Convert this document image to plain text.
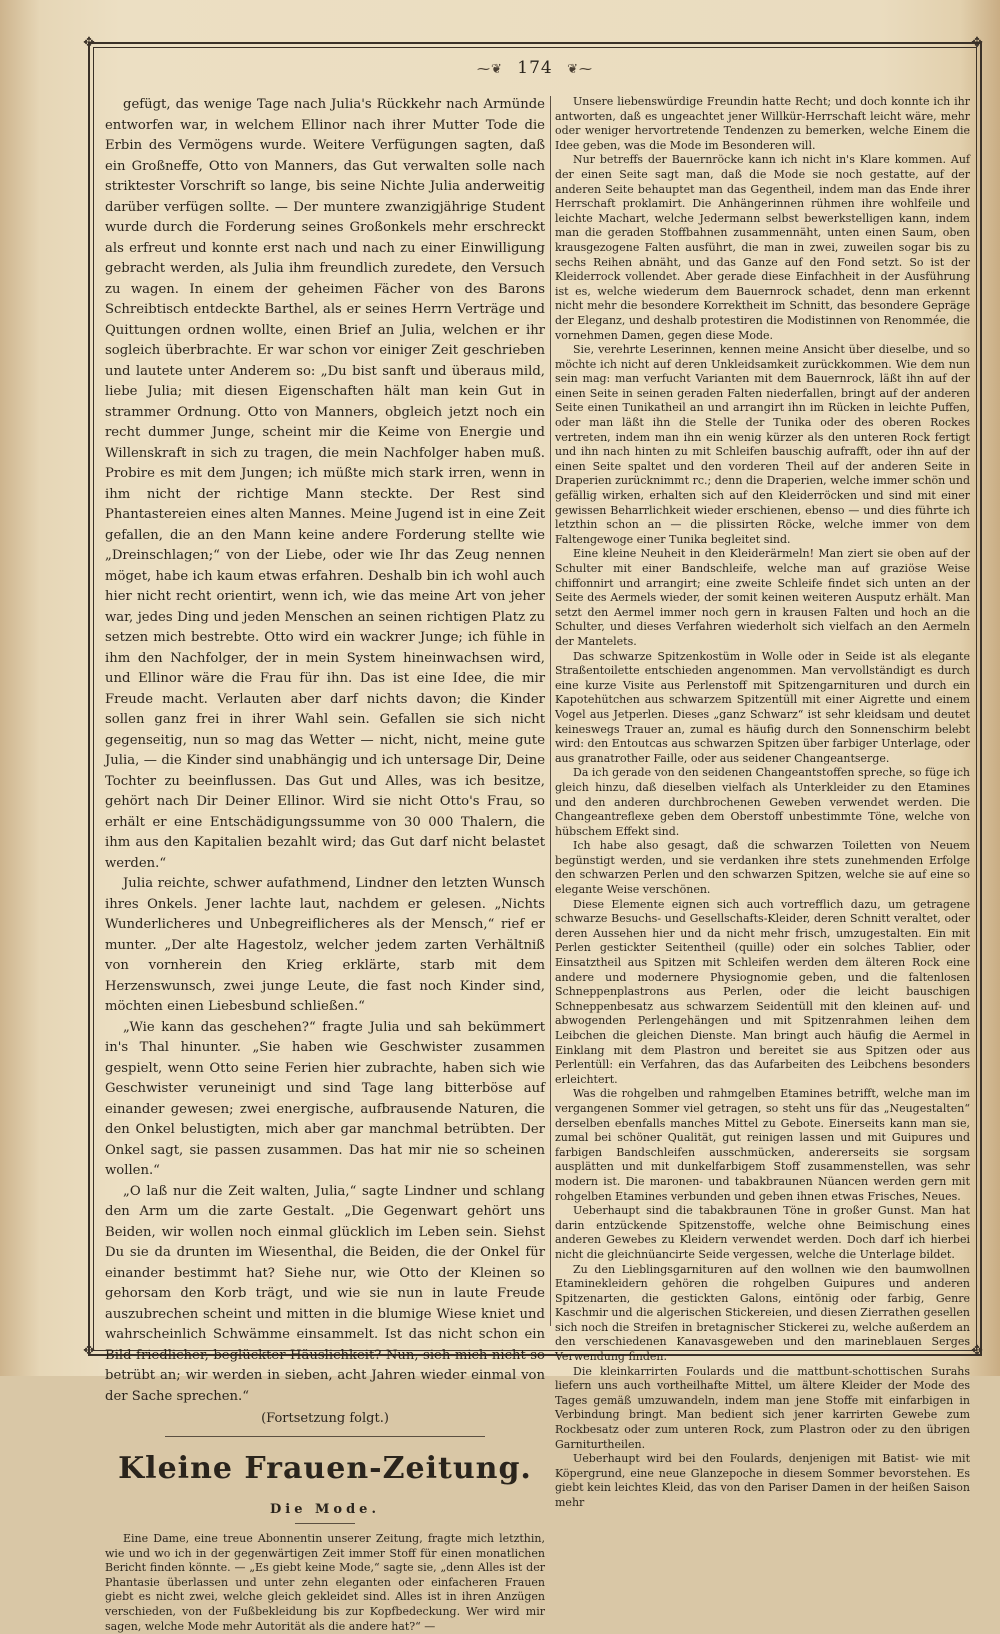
✥	✥
✥	✥
⁓❦ 174 ❦⁓

gefügt, das wenige Tage nach Julia's Rückkehr nach Armünde entworfen war, in welchem Ellinor nach ihrer Mutter Tode die Erbin des Vermögens wurde. Weitere Verfügungen sagten, daß ein Großneffe, Otto von Manners, das Gut verwalten solle nach striktester Vorschrift so lange, bis seine Nichte Julia anderweitig darüber verfügen sollte. — Der muntere zwanzigjährige Student wurde durch die Forderung seines Großonkels mehr erschreckt als erfreut und konnte erst nach und nach zu einer Einwilligung gebracht werden, als Julia ihm freundlich zuredete, den Versuch zu wagen. In einem der geheimen Fächer von des Barons Schreibtisch entdeckte Barthel, als er seines Herrn Verträge und Quittungen ordnen wollte, einen Brief an Julia, welchen er ihr sogleich überbrachte. Er war schon vor einiger Zeit geschrieben und lautete unter Anderem so: „Du bist sanft und überaus mild, liebe Julia; mit diesen Eigenschaften hält man kein Gut in strammer Ordnung. Otto von Manners, obgleich jetzt noch ein recht dummer Junge, scheint mir die Keime von Energie und Willenskraft in sich zu tragen, die mein Nachfolger haben muß. Probire es mit dem Jungen; ich müßte mich stark irren, wenn in ihm nicht der richtige Mann steckte. Der Rest sind Phantastereien eines alten Mannes. Meine Jugend ist in eine Zeit gefallen, die an den Mann keine andere Forderung stellte wie „Dreinschlagen;“ von der Liebe, oder wie Ihr das Zeug nennen möget, habe ich kaum etwas erfahren. Deshalb bin ich wohl auch hier nicht recht orientirt, wenn ich, wie das meine Art von jeher war, jedes Ding und jeden Menschen an seinen richtigen Platz zu setzen mich bestrebte. Otto wird ein wackrer Junge; ich fühle in ihm den Nachfolger, der in mein System hineinwachsen wird, und Ellinor wäre die Frau für ihn. Das ist eine Idee, die mir Freude macht. Verlauten aber darf nichts davon; die Kinder sollen ganz frei in ihrer Wahl sein. Gefallen sie sich nicht gegenseitig, nun so mag das Wetter — nicht, nicht, meine gute Julia, — die Kinder sind unabhängig und ich untersage Dir, Deine Tochter zu beeinflussen. Das Gut und Alles, was ich besitze, gehört nach Dir Deiner Ellinor. Wird sie nicht Otto's Frau, so erhält er eine Entschädigungssumme von 30 000 Thalern, die ihm aus den Kapitalien bezahlt wird; das Gut darf nicht belastet werden.“

Julia reichte, schwer aufathmend, Lindner den letzten Wunsch ihres Onkels. Jener lachte laut, nachdem er gelesen. „Nichts Wunderlicheres und Unbegreiflicheres als der Mensch,“ rief er munter. „Der alte Hagestolz, welcher jedem zarten Verhältniß von vornherein den Krieg erklärte, starb mit dem Herzenswunsch, zwei junge Leute, die fast noch Kinder sind, möchten einen Liebesbund schließen.“

„Wie kann das geschehen?“ fragte Julia und sah bekümmert in's Thal hinunter. „Sie haben wie Geschwister zusammen gespielt, wenn Otto seine Ferien hier zubrachte, haben sich wie Geschwister veruneinigt und sind Tage lang bitterböse auf einander gewesen; zwei energische, aufbrausende Naturen, die den Onkel belustigten, mich aber gar manchmal betrübten. Der Onkel sagt, sie passen zusammen. Das hat mir nie so scheinen wollen.“

„O laß nur die Zeit walten, Julia,“ sagte Lindner und schlang den Arm um die zarte Gestalt. „Die Gegenwart gehört uns Beiden, wir wollen noch einmal glücklich im Leben sein. Siehst Du sie da drunten im Wiesenthal, die Beiden, die der Onkel für einander bestimmt hat? Siehe nur, wie Otto der Kleinen so gehorsam den Korb trägt, und wie sie nun in laute Freude auszubrechen scheint und mitten in die blumige Wiese kniet und wahrscheinlich Schwämme einsammelt. Ist das nicht schon ein Bild friedlicher, beglückter Häuslichkeit? Nun, sieh mich nicht so betrübt an; wir werden in sieben, acht Jahren wieder einmal von der Sache sprechen.“

(Fortsetzung folgt.)
Kleine Frauen-Zeitung.
Die Mode.

Eine Dame, eine treue Abonnentin unserer Zeitung, fragte mich letzthin, wie und wo ich in der gegenwärtigen Zeit immer Stoff für einen monatlichen Bericht finden könnte. — „Es giebt keine Mode,“ sagte sie, „denn Alles ist der Phantasie überlassen und unter zehn eleganten oder einfacheren Frauen giebt es nicht zwei, welche gleich gekleidet sind. Alles ist in ihren Anzügen verschieden, von der Fußbekleidung bis zur Kopfbedeckung. Wer wird mir sagen, welche Mode mehr Autorität als die andere hat?“ —

Unsere liebenswürdige Freundin hatte Recht; und doch konnte ich ihr antworten, daß es ungeachtet jener Willkür-Herrschaft leicht wäre, mehr oder weniger hervortretende Tendenzen zu bemerken, welche Einem die Idee geben, was die Mode im Besonderen will.

Nur betreffs der Bauernröcke kann ich nicht in's Klare kommen. Auf der einen Seite sagt man, daß die Mode sie noch gestatte, auf der anderen Seite behauptet man das Gegentheil, indem man das Ende ihrer Herrschaft proklamirt. Die Anhängerinnen rühmen ihre wohlfeile und leichte Machart, welche Jedermann selbst bewerkstelligen kann, indem man die geraden Stoffbahnen zusammennäht, unten einen Saum, oben krausgezogene Falten ausführt, die man in zwei, zuweilen sogar bis zu sechs Reihen abnäht, und das Ganze auf den Fond setzt. So ist der Kleiderrock vollendet. Aber gerade diese Einfachheit in der Ausführung ist es, welche wiederum dem Bauernrock schadet, denn man erkennt nicht mehr die besondere Korrektheit im Schnitt, das besondere Gepräge der Eleganz, und deshalb protestiren die Modistinnen von Renommée, die vornehmen Damen, gegen diese Mode.

Sie, verehrte Leserinnen, kennen meine Ansicht über dieselbe, und so möchte ich nicht auf deren Unkleidsamkeit zurückkommen. Wie dem nun sein mag: man verfucht Varianten mit dem Bauernrock, läßt ihn auf der einen Seite in seinen geraden Falten niederfallen, bringt auf der anderen Seite einen Tunikatheil an und arrangirt ihn im Rücken in leichte Puffen, oder man läßt ihn die Stelle der Tunika oder des oberen Rockes vertreten, indem man ihn ein wenig kürzer als den unteren Rock fertigt und ihn nach hinten zu mit Schleifen bauschig aufrafft, oder ihn auf der einen Seite spaltet und den vorderen Theil auf der anderen Seite in Draperien zurücknimmt rc.; denn die Draperien, welche immer schön und gefällig wirken, erhalten sich auf den Kleiderröcken und sind mit einer gewissen Beharrlichkeit wieder erschienen, ebenso — und dies führte ich letzthin schon an — die plissirten Röcke, welche immer von dem Faltengewoge einer Tunika begleitet sind.

Eine kleine Neuheit in den Kleiderärmeln! Man ziert sie oben auf der Schulter mit einer Bandschleife, welche man auf graziöse Weise chiffonnirt und arrangirt; eine zweite Schleife findet sich unten an der Seite des Aermels wieder, der somit keinen weiteren Ausputz erhält. Man setzt den Aermel immer noch gern in krausen Falten und hoch an die Schulter, und dieses Verfahren wiederholt sich vielfach an den Aermeln der Mantelets.

Das schwarze Spitzenkostüm in Wolle oder in Seide ist als elegante Straßentoilette entschieden angenommen. Man vervollständigt es durch eine kurze Visite aus Perlenstoff mit Spitzengarnituren und durch ein Kapotehütchen aus schwarzem Spitzentüll mit einer Aigrette und einem Vogel aus Jetperlen. Dieses „ganz Schwarz“ ist sehr kleidsam und deutet keineswegs Trauer an, zumal es häufig durch den Sonnenschirm belebt wird: den Entoutcas aus schwarzen Spitzen über farbiger Unterlage, oder aus granatrother Faille, oder aus seidener Changeantserge.

Da ich gerade von den seidenen Changeantstoffen spreche, so füge ich gleich hinzu, daß dieselben vielfach als Unterkleider zu den Etamines und den anderen durchbrochenen Geweben verwendet werden. Die Changeantreflexe geben dem Oberstoff unbestimmte Töne, welche von hübschem Effekt sind.

Ich habe also gesagt, daß die schwarzen Toiletten von Neuem begünstigt werden, und sie verdanken ihre stets zunehmenden Erfolge den schwarzen Perlen und den schwarzen Spitzen, welche sie auf eine so elegante Weise verschönen.

Diese Elemente eignen sich auch vortrefflich dazu, um getragene schwarze Besuchs- und Gesellschafts-Kleider, deren Schnitt veraltet, oder deren Aussehen hier und da nicht mehr frisch, umzugestalten. Ein mit Perlen gestickter Seitentheil (quille) oder ein solches Tablier, oder Einsatztheil aus Spitzen mit Schleifen werden dem älteren Rock eine andere und modernere Physiognomie geben, und die faltenlosen Schneppenplastrons aus Perlen, oder die leicht bauschigen Schneppenbesatz aus schwarzem Seidentüll mit den kleinen auf- und abwogenden Perlengehängen und mit Spitzenrahmen leihen dem Leibchen die gleichen Dienste. Man bringt auch häufig die Aermel in Einklang mit dem Plastron und bereitet sie aus Spitzen oder aus Perlentüll: ein Verfahren, das das Aufarbeiten des Leibchens besonders erleichtert.

Was die rohgelben und rahmgelben Etamines betrifft, welche man im vergangenen Sommer viel getragen, so steht uns für das „Neugestalten“ derselben ebenfalls manches Mittel zu Gebote. Einerseits kann man sie, zumal bei schöner Qualität, gut reinigen lassen und mit Guipures und farbigen Bandschleifen ausschmücken, andererseits sie sorgsam ausplätten und mit dunkelfarbigem Stoff zusammenstellen, was sehr modern ist. Die maronen- und tabakbraunen Nüancen werden gern mit rohgelben Etamines verbunden und geben ihnen etwas Frisches, Neues.

Ueberhaupt sind die tabakbraunen Töne in großer Gunst. Man hat darin entzückende Spitzenstoffe, welche ohne Beimischung eines anderen Gewebes zu Kleidern verwendet werden. Doch darf ich hierbei nicht die gleichnüancirte Seide vergessen, welche die Unterlage bildet.

Zu den Lieblingsgarnituren auf den wollnen wie den baumwollnen Etaminekleidern gehören die rohgelben Guipures und anderen Spitzenarten, die gestickten Galons, eintönig oder farbig, Genre Kaschmir und die algerischen Stickereien, und diesen Zierrathen gesellen sich noch die Streifen in bretagnischer Stickerei zu, welche außerdem an den verschiedenen Kanavasgeweben und den marineblauen Serges Verwendung finden.

Die kleinkarrirten Foulards und die mattbunt-schottischen Surahs liefern uns auch vortheilhafte Mittel, um ältere Kleider der Mode des Tages gemäß umzuwandeln, indem man jene Stoffe mit einfarbigen in Verbindung bringt. Man bedient sich jener karrirten Gewebe zum Rockbesatz oder zum unteren Rock, zum Plastron oder zu den übrigen Garniturtheilen.

Ueberhaupt wird bei den Foulards, denjenigen mit Batist- wie mit Köpergrund, eine neue Glanzepoche in diesem Sommer bevorstehen. Es giebt kein leichtes Kleid, das von den Pariser Damen in der heißen Saison mehr
